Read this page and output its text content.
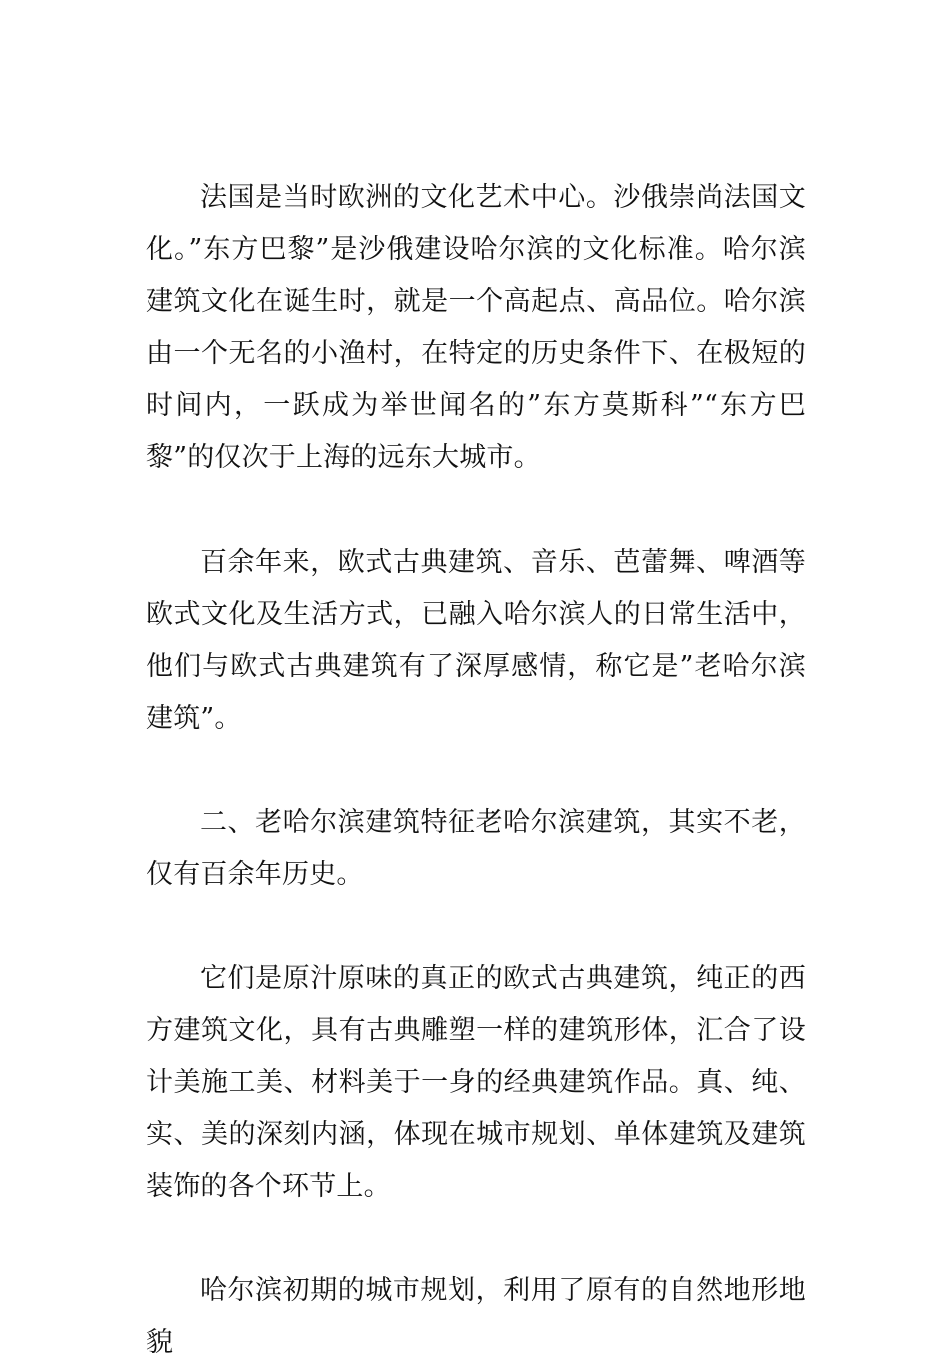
法国是当时欧洲的文化艺术中心。沙俄崇尚法国文化。”东方巴黎”是沙俄建设哈尔滨的文化标准。哈尔滨建筑文化在诞生时，就是一个高起点、高品位。哈尔滨由一个无名的小渔村，在特定的历史条件下、在极短的时间内，一跃成为举世闻名的”东方莫斯科”“东方巴黎”的仅次于上海的远东大城市。

百余年来，欧式古典建筑、音乐、芭蕾舞、啤酒等欧式文化及生活方式，已融入哈尔滨人的日常生活中，他们与欧式古典建筑有了深厚感情，称它是”老哈尔滨建筑”。

二、老哈尔滨建筑特征老哈尔滨建筑，其实不老，仅有百余年历史。

它们是原汁原味的真正的欧式古典建筑，纯正的西方建筑文化，具有古典雕塑一样的建筑形体，汇合了设计美施工美、材料美于一身的经典建筑作品。真、纯、实、美的深刻内涵，体现在城市规划、单体建筑及建筑装饰的各个环节上。

哈尔滨初期的城市规划，利用了原有的自然地形地貌
